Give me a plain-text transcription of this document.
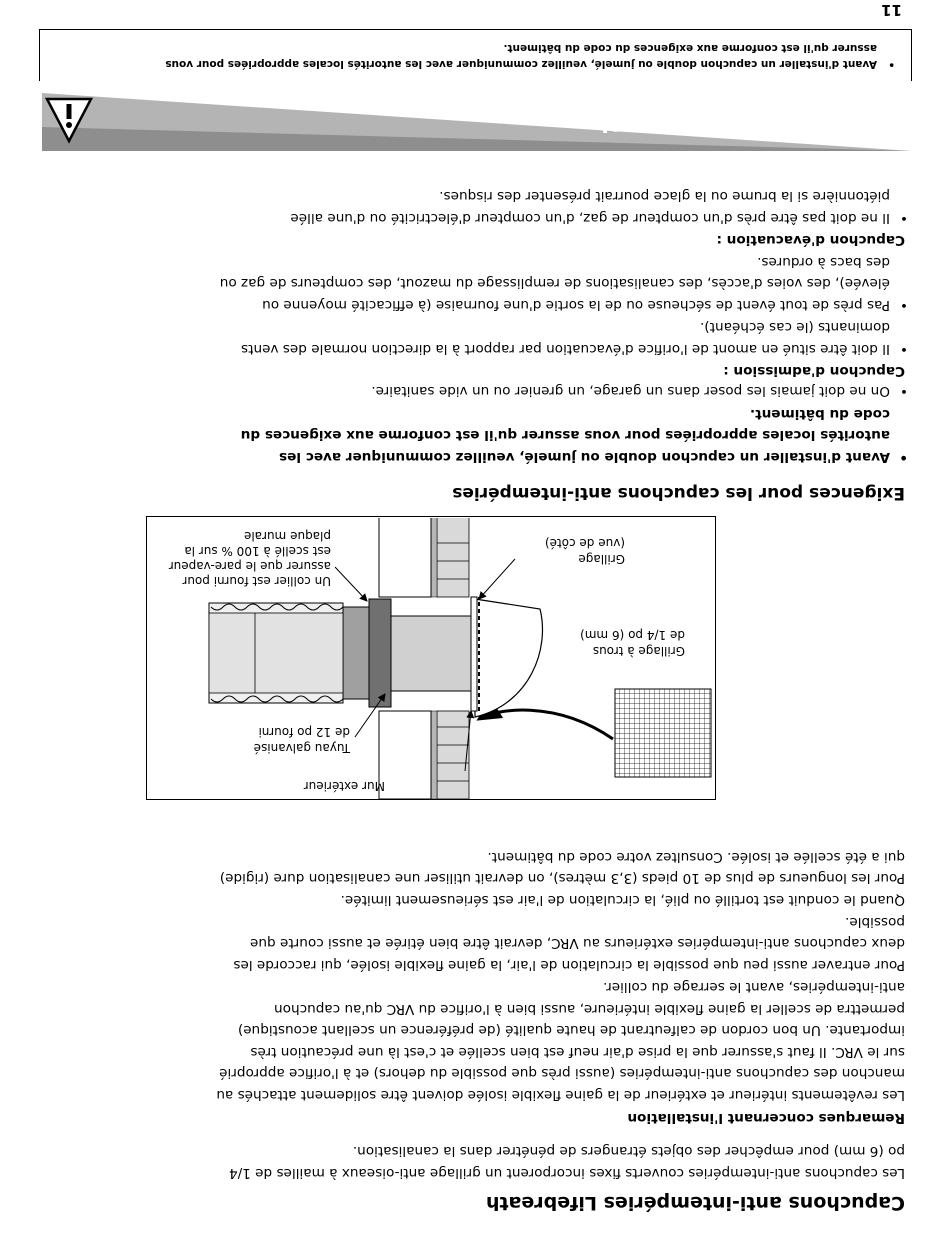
11
Capuchons anti-intempéries Lifebreath
Les capuchons anti-intempéries couverts fixes incorporent un grillage anti-oiseaux à mailles de 1/4
po (6 mm) pour empêcher des objets étrangers de pénétrer dans la canalisation.
Remarques concernant l'installation
Les revêtements intérieur et extérieur de la gaine flexible isolée doivent être solidement attachés au
manchon des capuchons anti-intempéries (aussi près que possible du dehors) et à l'orifice approprié
sur le VRC. Il faut s'assurer que la prise d'air neuf est bien scellée et c'est là une précaution très
importante. Un bon cordon de calfeutrant de haute qualité (de préférence un scellant acoustique)
permettra de sceller la gaine flexible intérieure, aussi bien à l'orifice du VRC qu'au capuchon
anti-intempéries, avant le serrage du collier.
Pour entraver aussi peu que possible la circulation de l'air, la gaine flexible isolée, qui raccorde les
deux capuchons anti-intempéries extérieurs au VRC, devrait être bien étirée et aussi courte que
possible.
Quand le conduit est tortillé ou plié, la circulation de l'air est sérieusement limitée.
Pour les longueurs de plus de 10 pieds (3,3 mètres), on devrait utiliser une canalisation dure (rigide)
qui a été scellée et isolée. Consultez votre code du bâtiment.
Mur extérieur
Tuyau galvanisé
de 12 po fourni
Grillage à trous
de 1/4 po (6 mm)
Grillage
(vue de côté)
Un collier est fourni pour
assurer que le pare-vapeur
est scellé à 100 % sur la
plaque murale
Exigences pour les capuchons anti-intempéries
•
Avant d'installer un capuchon double ou jumelé, veuillez communiquer avec les
autorités locales appropriées pour vous assurer qu'il est conforme aux exigences du
code du bâtiment.
•
On ne doit jamais les poser dans un garage, un grenier ou un vide sanitaire.
Capuchon d'admission :
•
Il doit être situé en amont de l'orifice d'évacuation par rapport à la direction normale des vents
dominants (le cas échéant).
•
Pas près de tout évent de sécheuse ou de la sortie d'une fournaise (à efficacité moyenne ou
élevée), des voies d'accès, des canalisations de remplissage du mazout, des compteurs de gaz ou
des bacs à ordures.
Capuchon d'évacuation :
•
Il ne doit pas être près d'un compteur de gaz, d'un compteur d'électricité ou d'une allée
piétonnière si la brume ou la glace pourrait présenter des risques.
Attention
•
Avant d'installer un capuchon double ou jumelé, veuillez communiquer avec les autorités locales appropriées pour vous
assurer qu'il est conforme aux exigences du code du bâtiment.
